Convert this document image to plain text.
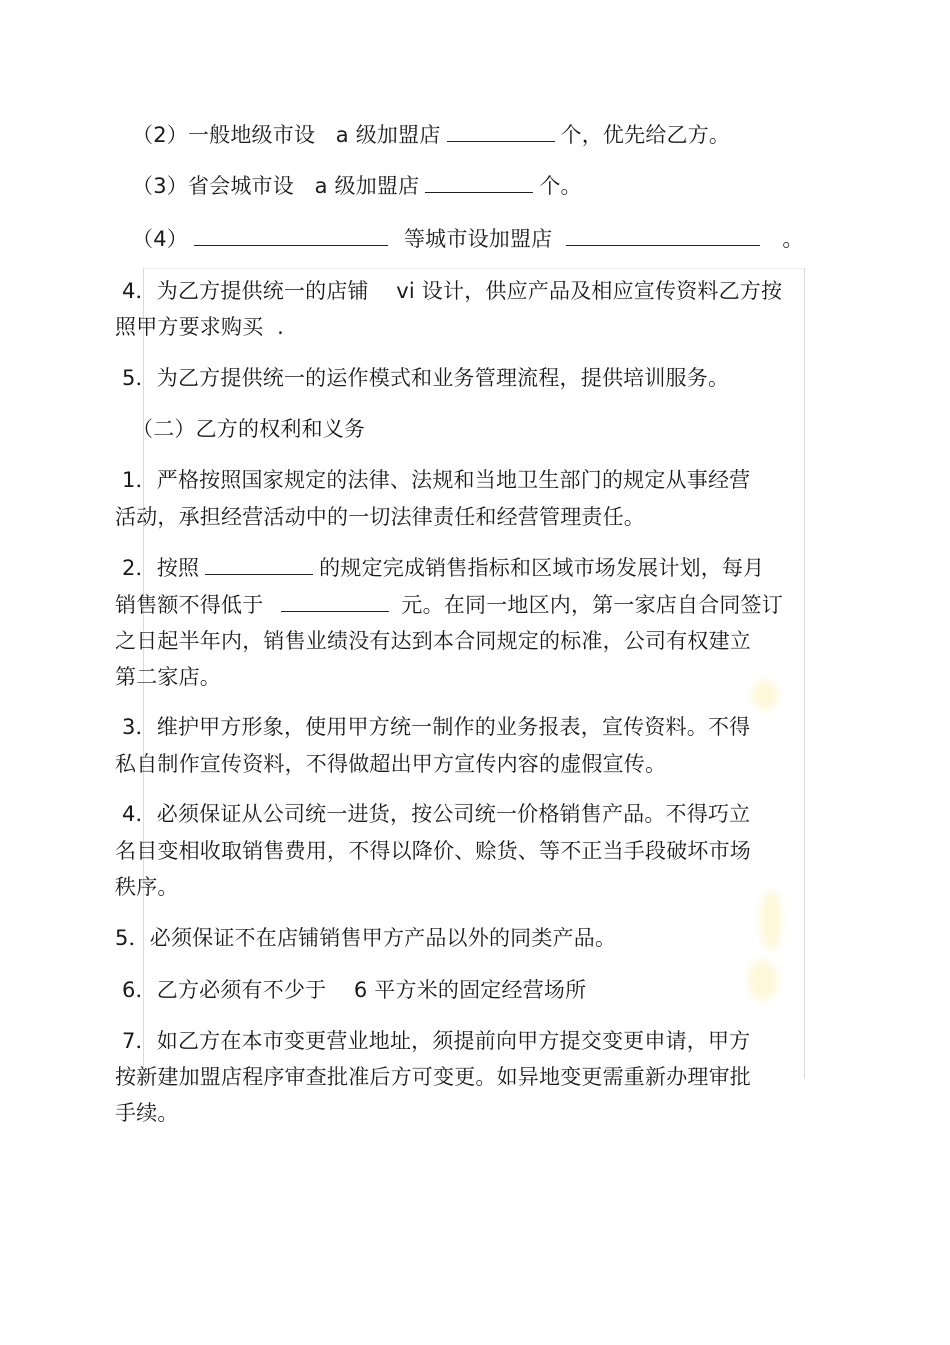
（2）一般地级市设   a 级加盟店	个，优先给乙方。
（3）省会城市设   a 级加盟店	个。
（4）	等城市设加盟店	。
4．为乙方提供统一的店铺    vi 设计，供应产品及相应宣传资料乙方按
照甲方要求购买  .
5．为乙方提供统一的运作模式和业务管理流程，提供培训服务。
（二）乙方的权利和义务
1．严格按照国家规定的法律、法规和当地卫生部门的规定从事经营
活动，承担经营活动中的一切法律责任和经营管理责任。
2．按照	的规定完成销售指标和区域市场发展计划，每月
销售额不得低于	元。在同一地区内，第一家店自合同签订
之日起半年内，销售业绩没有达到本合同规定的标准，公司有权建立
第二家店。
3．维护甲方形象，使用甲方统一制作的业务报表，宣传资料。不得
私自制作宣传资料，不得做超出甲方宣传内容的虚假宣传。
4．必须保证从公司统一进货，按公司统一价格销售产品。不得巧立
名目变相收取销售费用，不得以降价、赊货、等不正当手段破坏市场
秩序。
5．必须保证不在店铺销售甲方产品以外的同类产品。
6．乙方必须有不少于    6 平方米的固定经营场所
7．如乙方在本市变更营业地址，须提前向甲方提交变更申请，甲方
按新建加盟店程序审查批准后方可变更。如异地变更需重新办理审批
手续。
